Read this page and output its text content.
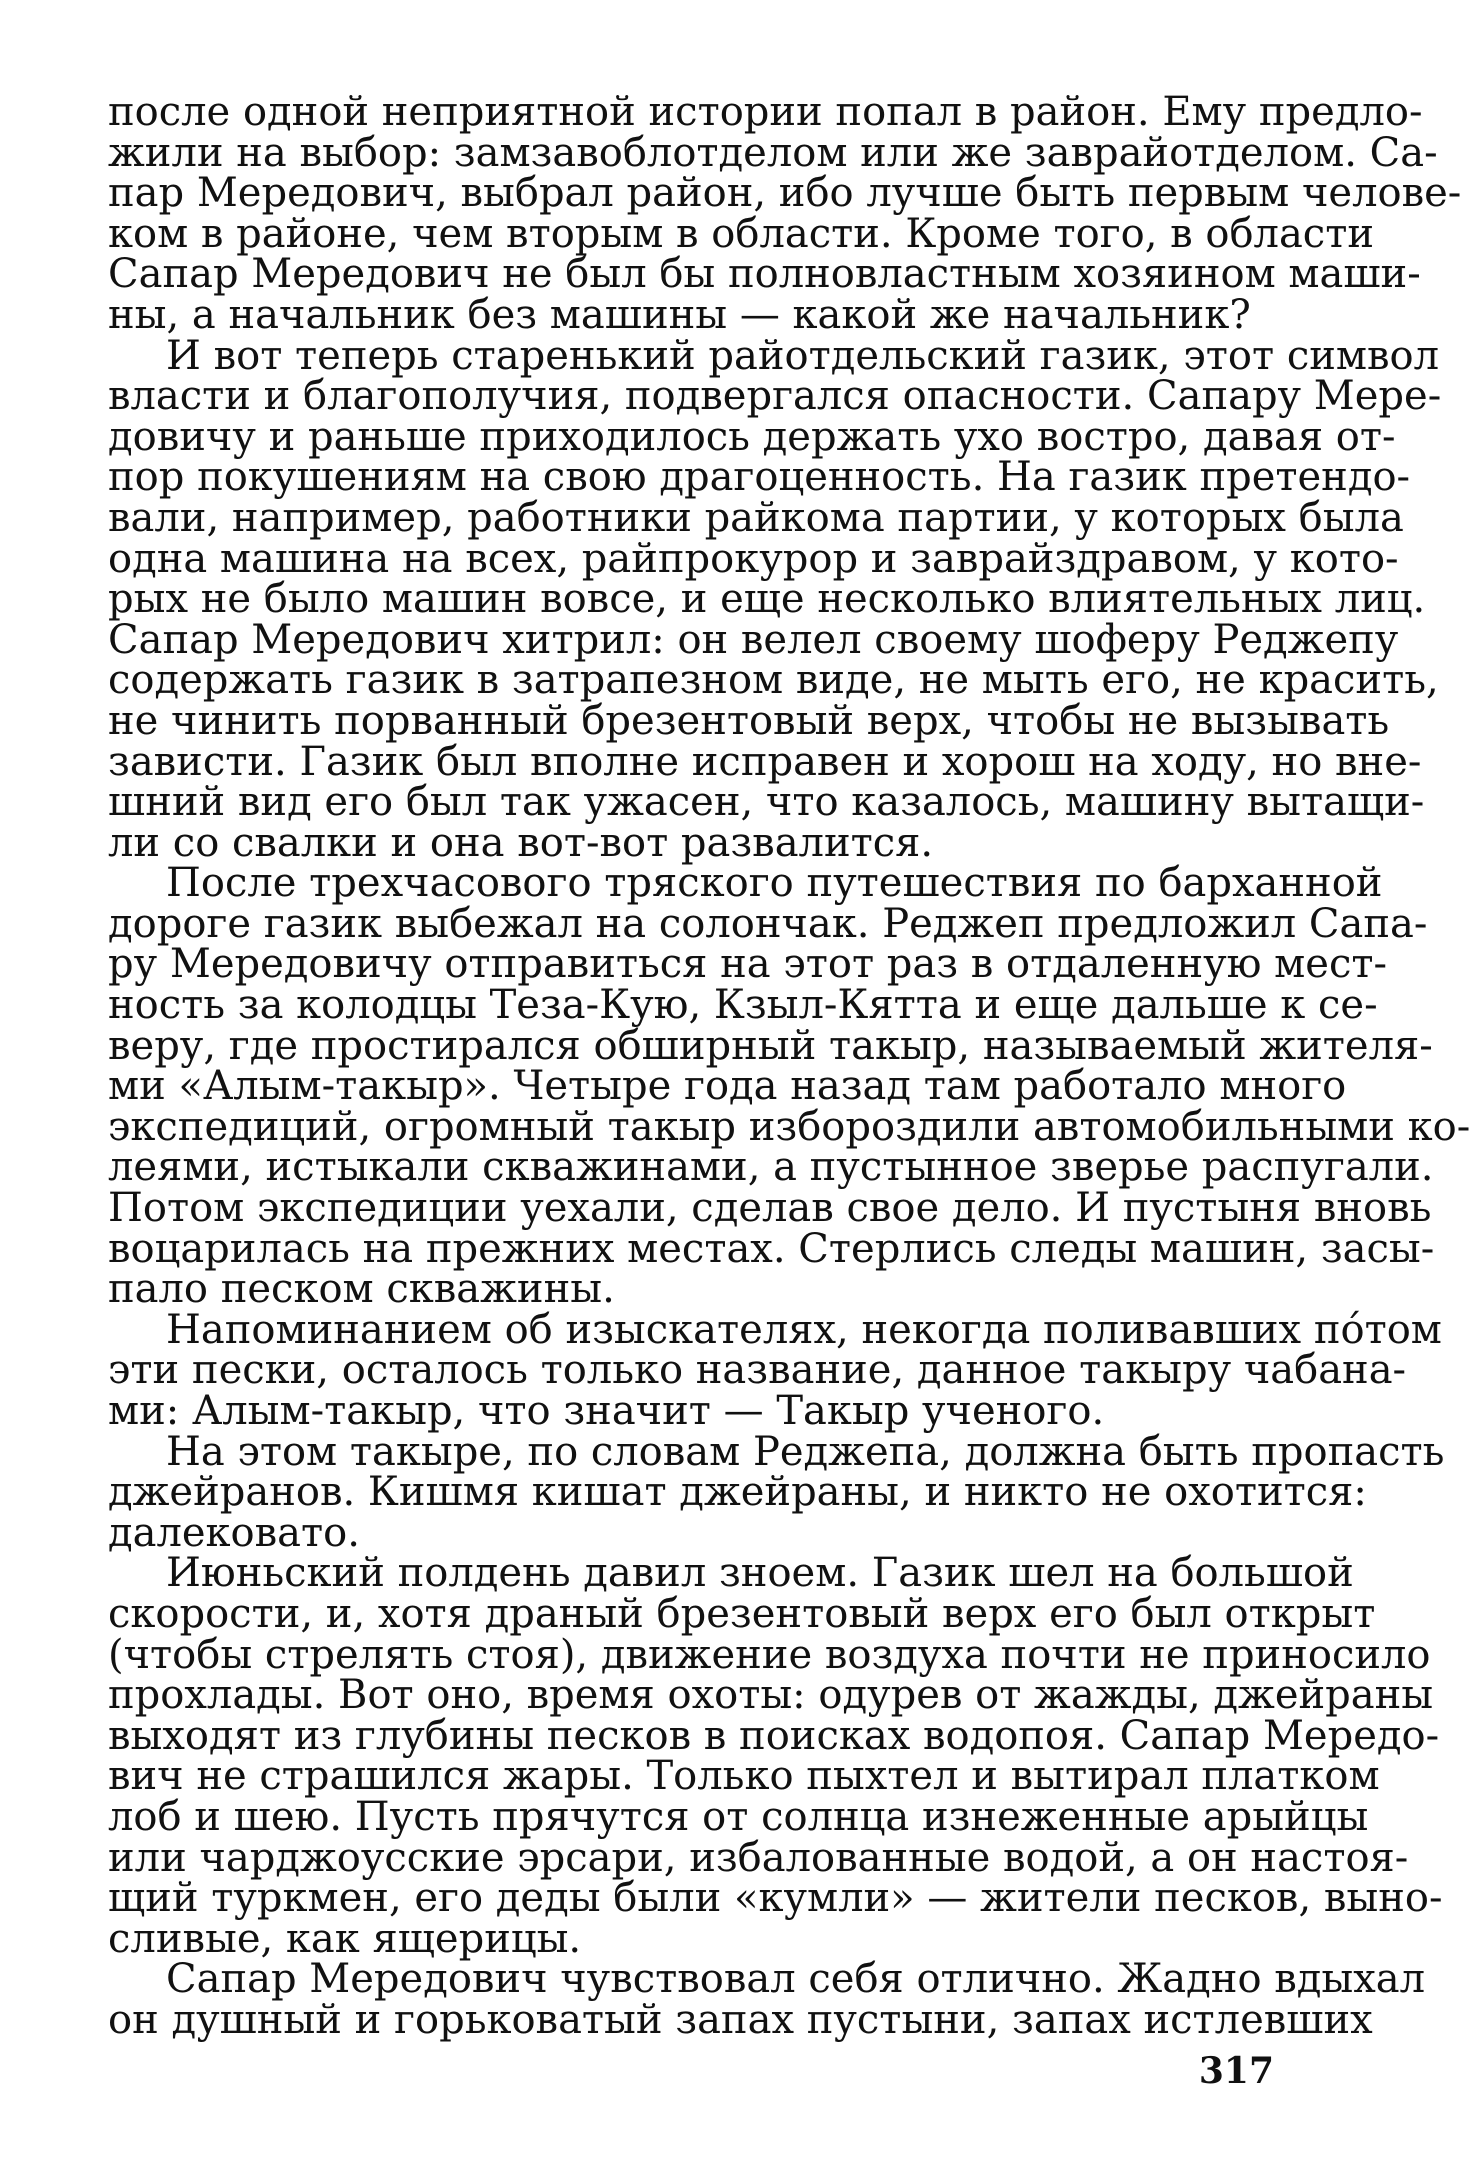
после одной неприятной истории попал в район. Ему предло-
жили на выбор: замзавоблотделом или же заврайотделом. Са-
пар Мередович, выбрал район, ибо лучше быть первым челове-
ком в районе, чем вторым в области. Кроме того, в области
Сапар Мередович не был бы полновластным хозяином маши-
ны, а начальник без машины — какой же начальник?
И вот теперь старенький райотдельский газик, этот символ
власти и благополучия, подвергался опасности. Сапару Мере-
довичу и раньше приходилось держать ухо востро, давая от-
пор покушениям на свою драгоценность. На газик претендо-
вали, например, работники райкома партии, у которых была
одна машина на всех, райпрокурор и заврайздравом, у кото-
рых не было машин вовсе, и еще несколько влиятельных лиц.
Сапар Мередович хитрил: он велел своему шоферу Реджепу
содержать газик в затрапезном виде, не мыть его, не красить,
не чинить порванный брезентовый верх, чтобы не вызывать
зависти. Газик был вполне исправен и хорош на ходу, но вне-
шний вид его был так ужасен, что казалось, машину вытащи-
ли со свалки и она вот-вот развалится.
После трехчасового тряского путешествия по барханной
дороге газик выбежал на солончак. Реджеп предложил Сапа-
ру Мередовичу отправиться на этот раз в отдаленную мест-
ность за колодцы Теза-Кую, Кзыл-Кятта и еще дальше к се-
веру, где простирался обширный такыр, называемый жителя-
ми «Алым-такыр». Четыре года назад там работало много
экспедиций, огромный такыр избороздили автомобильными ко-
леями, истыкали скважинами, а пустынное зверье распугали.
Потом экспедиции уехали, сделав свое дело. И пустыня вновь
воцарилась на прежних местах. Стерлись следы машин, засы-
пало песком скважины.
Напоминанием об изыскателях, некогда поливавших пóтом
эти пески, осталось только название, данное такыру чабана-
ми: Алым-такыр, что значит — Такыр ученого.
На этом такыре, по словам Реджепа, должна быть пропасть
джейранов. Кишмя кишат джейраны, и никто не охотится:
далековато.
Июньский полдень давил зноем. Газик шел на большой
скорости, и, хотя драный брезентовый верх его был открыт
(чтобы стрелять стоя), движение воздуха почти не приносило
прохлады. Вот оно, время охоты: одурев от жажды, джейраны
выходят из глубины песков в поисках водопоя. Сапар Мередо-
вич не страшился жары. Только пыхтел и вытирал платком
лоб и шею. Пусть прячутся от солнца изнеженные арыйцы
или чарджоусские эрсари, избалованные водой, а он настоя-
щий туркмен, его деды были «кумли» — жители песков, выно-
сливые, как ящерицы.
Сапар Мередович чувствовал себя отлично. Жадно вдыхал
он душный и горьковатый запах пустыни, запах истлевших
317
